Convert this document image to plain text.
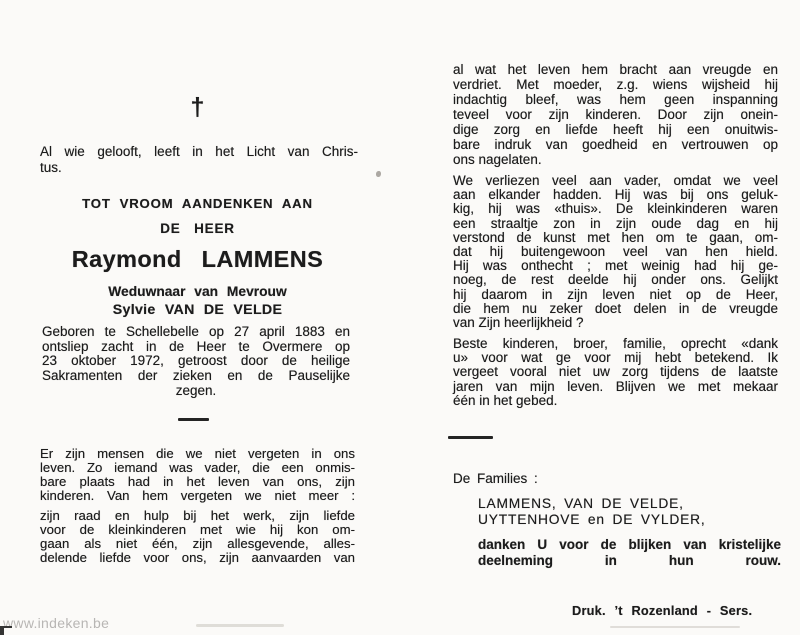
†
Al wie gelooft, leeft in het Licht van Chris-
tus.
TOT VROOM AANDENKEN AAN
DE HEER
Raymond LAMMENS
Weduwnaar van Mevrouw
Sylvie VAN DE VELDE
Geboren te Schellebelle op 27 april 1883 en
ontsliep zacht in de Heer te Overmere op
23 oktober 1972, getroost door de heilige
Sakramenten der zieken en de Pauselijke
zegen.
Er zijn mensen die we niet vergeten in ons
leven. Zo iemand was vader, die een onmis-
bare plaats had in het leven van ons, zijn
kinderen. Van hem vergeten we niet meer :
zijn raad en hulp bij het werk, zijn liefde
voor de kleinkinderen met wie hij kon om-
gaan als niet één, zijn allesgevende, alles-
delende liefde voor ons, zijn aanvaarden van
al wat het leven hem bracht aan vreugde en
verdriet. Met moeder, z.g. wiens wijsheid hij
indachtig bleef, was hem geen inspanning
teveel voor zijn kinderen. Door zijn onein-
dige zorg en liefde heeft hij een onuitwis-
bare indruk van goedheid en vertrouwen op
ons nagelaten.
We verliezen veel aan vader, omdat we veel
aan elkander hadden. Hij was bij ons geluk-
kig, hij was «thuis». De kleinkinderen waren
een straaltje zon in zijn oude dag en hij
verstond de kunst met hen om te gaan, om-
dat hij buitengewoon veel van hen hield.
Hij was onthecht ; met weinig had hij ge-
noeg, de rest deelde hij onder ons. Gelijkt
hij daarom in zijn leven niet op de Heer,
die hem nu zeker doet delen in de vreugde
van Zijn heerlijkheid ?
Beste kinderen, broer, familie, oprecht «dank
u» voor wat ge voor mij hebt betekend. Ik
vergeet vooral niet uw zorg tijdens de laatste
jaren van mijn leven. Blijven we met mekaar
één in het gebed.
De Families :
LAMMENS, VAN DE VELDE,
UYTTENHOVE en DE VYLDER,
danken U voor de blijken van kristelijke
deelneming in hun rouw.
Druk. ’t Rozenland - Sers.
www.indeken.be
